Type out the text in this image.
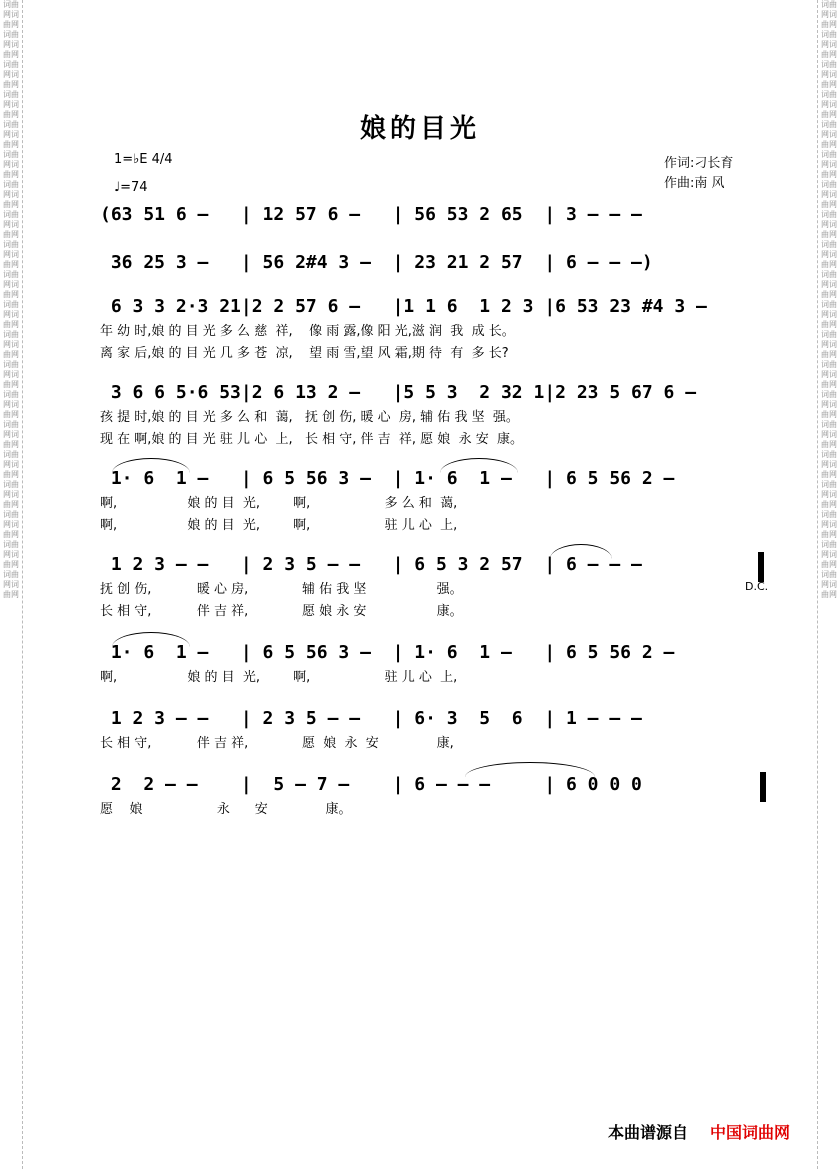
词曲网词曲网词曲网词曲网词曲网词曲网词曲网词曲网词曲网词曲网词曲网词曲网词曲网词曲网词曲网词曲网词曲网词曲网词曲网词曲网词曲网词曲网词曲网词曲网词曲网词曲网词曲网词曲网词曲网词曲网词曲网词曲网词曲网词曲网词曲网词曲网词曲网词曲网词曲网词曲网
词曲网词曲网词曲网词曲网词曲网词曲网词曲网词曲网词曲网词曲网词曲网词曲网词曲网词曲网词曲网词曲网词曲网词曲网词曲网词曲网词曲网词曲网词曲网词曲网词曲网词曲网词曲网词曲网词曲网词曲网词曲网词曲网词曲网词曲网词曲网词曲网词曲网词曲网词曲网词曲网
娘的目光
1=♭E 4/4
♩=74
作词:刁长育
作曲:南 风
(63 51 6 –   | 12 57 6 –   | 56 53 2 65  | 3 – – –
36 25 3 –   | 56 2#4 3 –  | 23 21 2 57  | 6 – – –)
6 3 3 2·3 21|2 2 57 6 –   |1 1 6  1 2 3 |6 53 23 #4 3 –
年 幼 时,娘 的 目 光 多 么 慈  祥,    像 雨 露,像 阳 光,滋 润  我  成 长。
离 家 后,娘 的 目 光 几 多 苍  凉,    望 雨 雪,望 风 霜,期 待  有  多 长?
3 6 6 5·6 53|2 6 13 2 –   |5 5 3  2 32 1|2 23 5 67 6 –
孩 提 时,娘 的 目 光 多 么 和  蔼,   抚 创 伤, 暖 心  房, 辅 佑 我 坚  强。
现 在 啊,娘 的 目 光 驻 儿 心  上,   长 相 守, 伴 吉  祥, 愿 娘  永 安  康。
1· 6  1 –   | 6 5 56 3 –  | 1· 6  1 –   | 6 5 56 2 –
啊,                 娘 的 目  光,        啊,                  多 么 和  蔼,
啊,                 娘 的 目  光,        啊,                  驻 儿 心  上,
1 2 3 – –   | 2 3 5 – –   | 6 5 3 2 57  | 6 – – –
D.C.
抚 创 伤,           暖 心 房,             辅 佑 我 坚                 强。
长 相 守,           伴 吉 祥,             愿 娘 永 安                 康。
1· 6  1 –   | 6 5 56 3 –  | 1· 6  1 –   | 6 5 56 2 –
啊,                 娘 的 目  光,        啊,                  驻 儿 心  上,
1 2 3 – –   | 2 3 5 – –   | 6· 3  5  6  | 1 – – –
长 相 守,           伴 吉 祥,             愿  娘  永  安              康,
2  2 – –    |  5 – 7 –    | 6 – – –     | 6 0 0 0
愿    娘                  永      安              康。
本曲谱源自 中国词曲网
